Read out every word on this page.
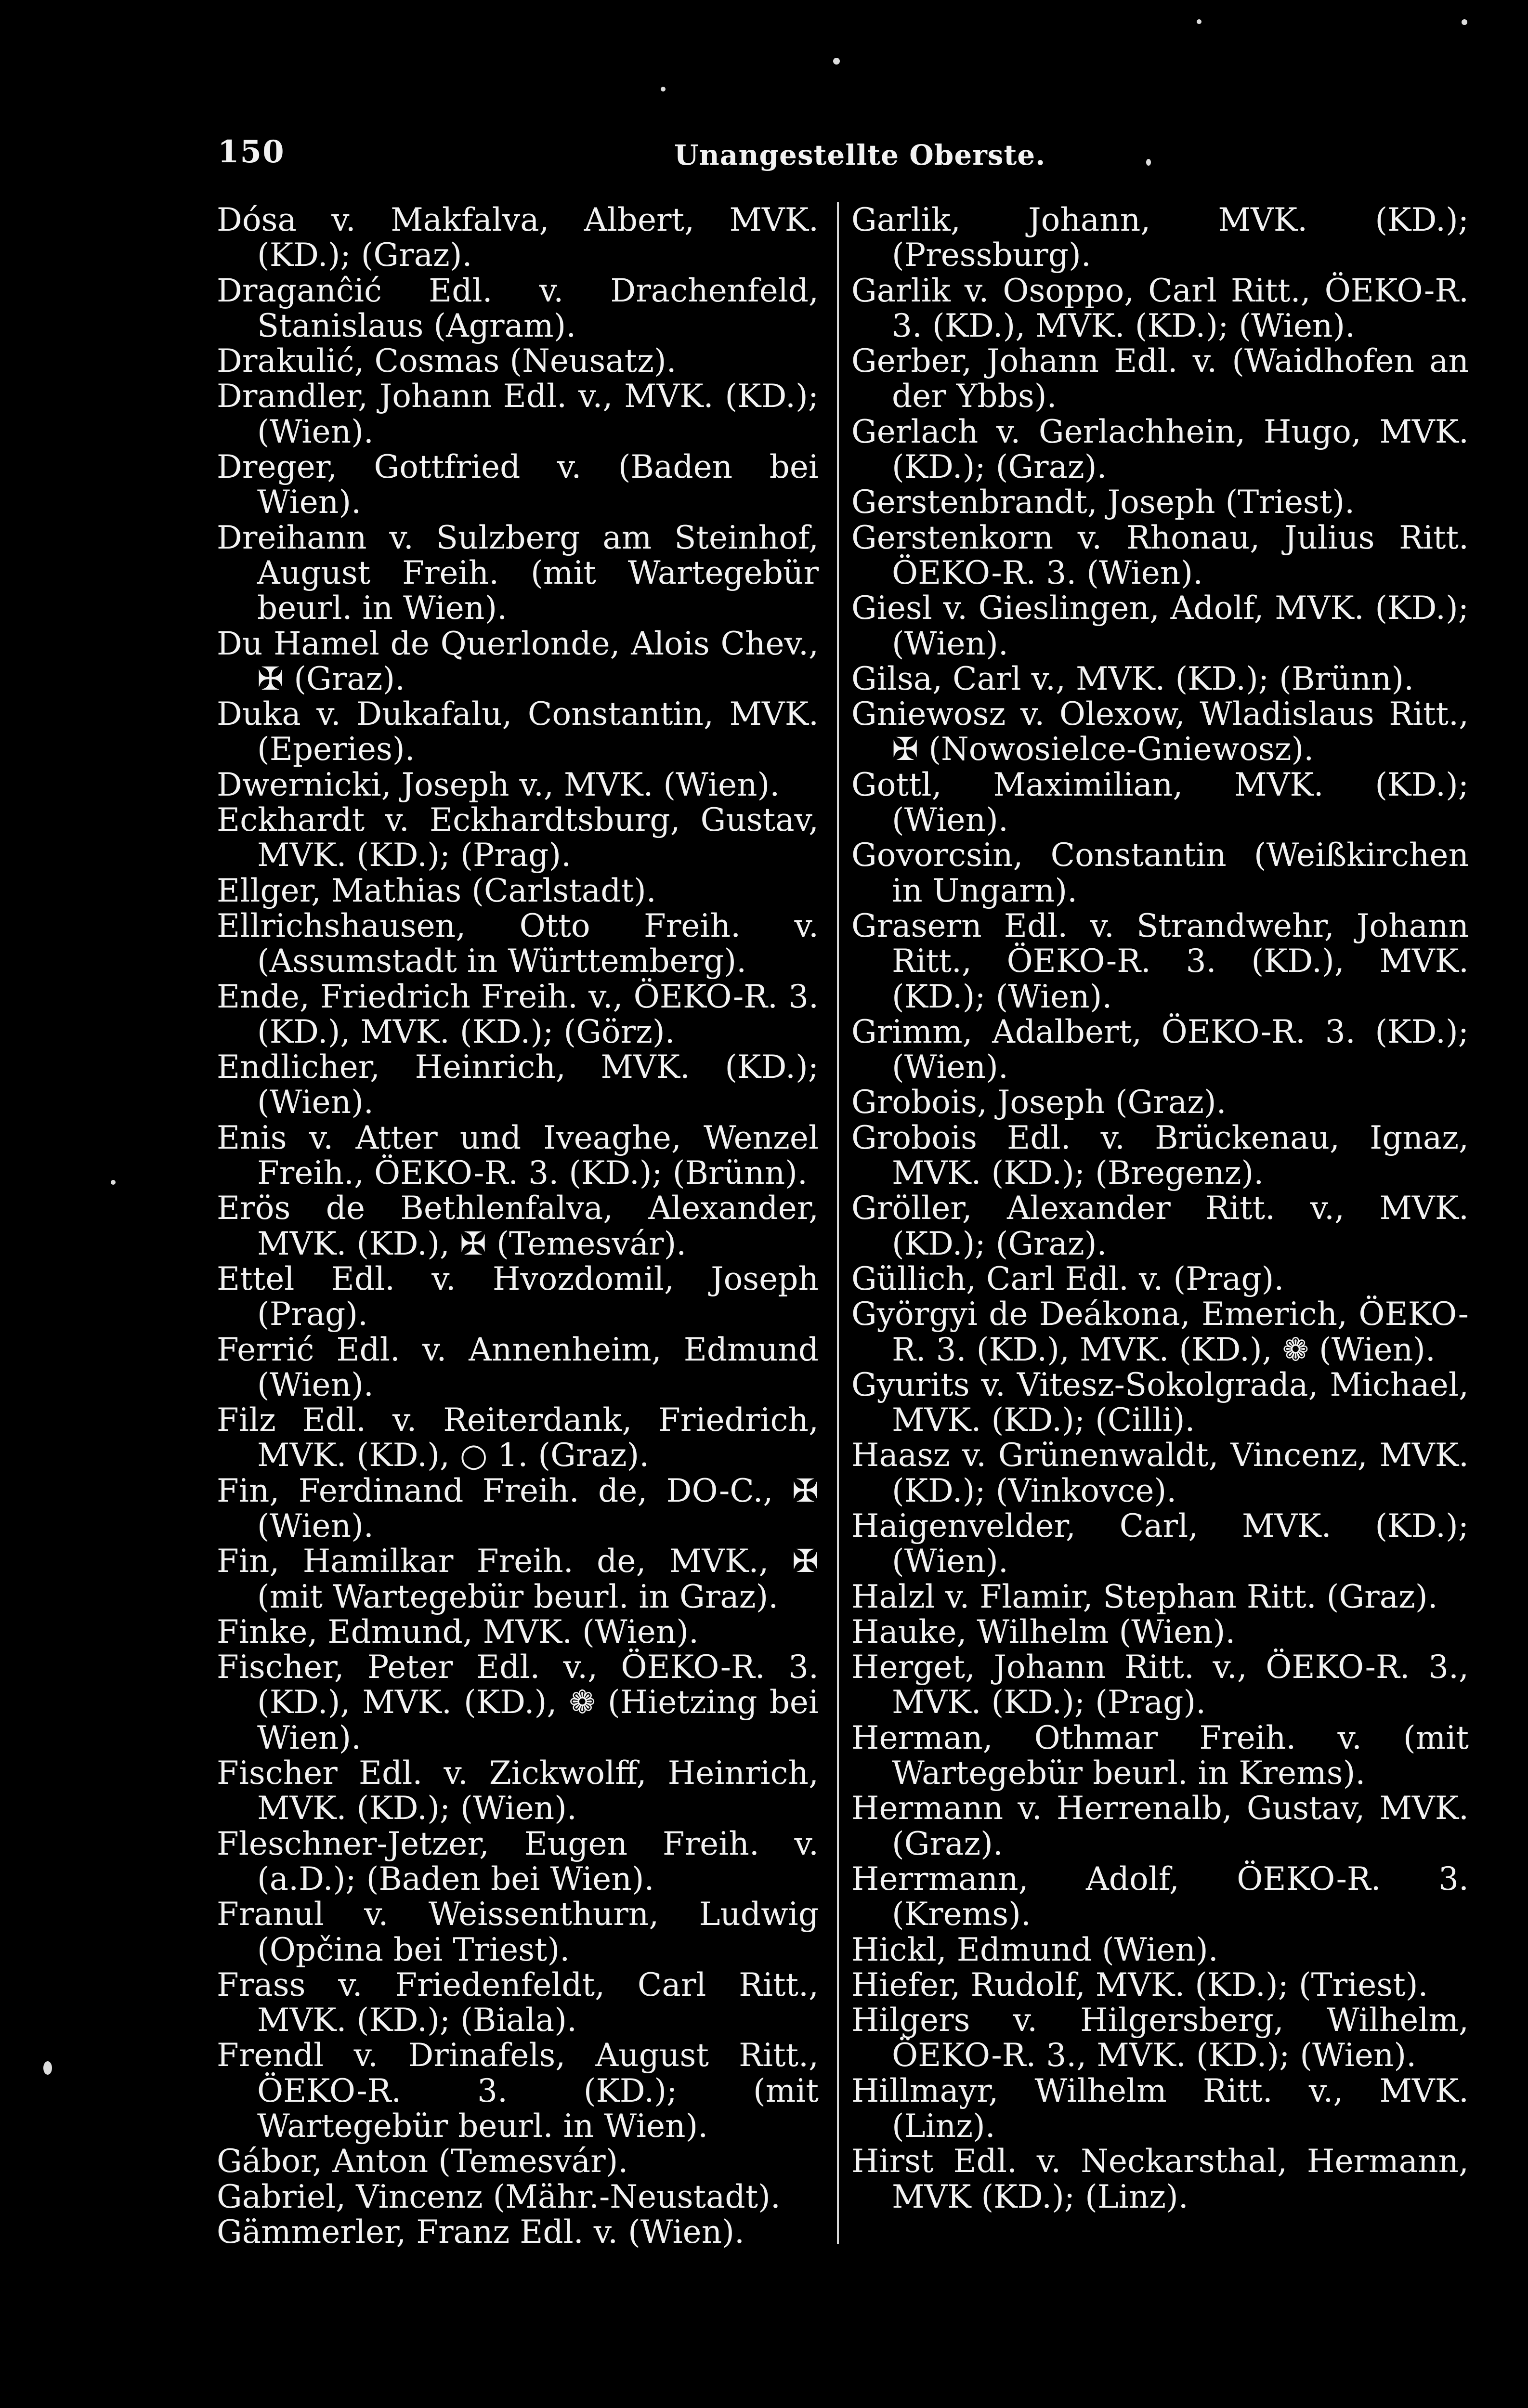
150	Unangestellte Oberste.

Dósa v. Makfalva, Albert, MVK. (KD.); (Graz).

Draganĉić Edl. v. Drachenfeld, Stanislaus (Agram).

Drakulić, Cosmas (Neusatz).

Drandler, Johann Edl. v., MVK. (KD.); (Wien).

Dreger, Gottfried v. (Baden bei Wien).

Dreihann v. Sulzberg am Steinhof, August Freih. (mit Wartegebür beurl. in Wien).

Du Hamel de Querlonde, Alois Chev., ✠ (Graz).

Duka v. Dukafalu, Constantin, MVK. (Eperies).

Dwernicki, Joseph v., MVK. (Wien).

Eckhardt v. Eckhardtsburg, Gustav, MVK. (KD.); (Prag).

Ellger, Mathias (Carlstadt).

Ellrichshausen, Otto Freih. v. (Assumstadt in Württemberg).

Ende, Friedrich Freih. v., ÖEKO-R. 3. (KD.), MVK. (KD.); (Görz).

Endlicher, Heinrich, MVK. (KD.); (Wien).

Enis v. Atter und Iveaghe, Wenzel Freih., ÖEKO-R. 3. (KD.); (Brünn).

Erös de Bethlenfalva, Alexander, MVK. (KD.), ✠ (Temesvár).

Ettel Edl. v. Hvozdomil, Joseph (Prag).

Ferrić Edl. v. Annenheim, Edmund (Wien).

Filz Edl. v. Reiterdank, Friedrich, MVK. (KD.), ○ 1. (Graz).

Fin, Ferdinand Freih. de, DO-C., ✠ (Wien).

Fin, Hamilkar Freih. de, MVK., ✠ (mit Wartegebür beurl. in Graz).

Finke, Edmund, MVK. (Wien).

Fischer, Peter Edl. v., ÖEKO-R. 3. (KD.), MVK. (KD.), ❁ (Hietzing bei Wien).

Fischer Edl. v. Zickwolff, Heinrich, MVK. (KD.); (Wien).

Fleschner-Jetzer, Eugen Freih. v. (a.D.); (Baden bei Wien).

Franul v. Weissenthurn, Ludwig (Opčina bei Triest).

Frass v. Friedenfeldt, Carl Ritt., MVK. (KD.); (Biala).

Frendl v. Drinafels, August Ritt., ÖEKO-R. 3. (KD.); (mit Wartegebür beurl. in Wien).

Gábor, Anton (Temesvár).

Gabriel, Vincenz (Mähr.-Neustadt).

Gämmerler, Franz Edl. v. (Wien).

Garlik, Johann, MVK. (KD.); (Pressburg).

Garlik v. Osoppo, Carl Ritt., ÖEKO-R. 3. (KD.), MVK. (KD.); (Wien).

Gerber, Johann Edl. v. (Waidhofen an der Ybbs).

Gerlach v. Gerlachhein, Hugo, MVK. (KD.); (Graz).

Gerstenbrandt, Joseph (Triest).

Gerstenkorn v. Rhonau, Julius Ritt. ÖEKO-R. 3. (Wien).

Giesl v. Gieslingen, Adolf, MVK. (KD.); (Wien).

Gilsa, Carl v., MVK. (KD.); (Brünn).

Gniewosz v. Olexow, Wladislaus Ritt., ✠ (Nowosielce-Gniewosz).

Gottl, Maximilian, MVK. (KD.); (Wien).

Govorcsin, Constantin (Weißkirchen in Ungarn).

Grasern Edl. v. Strandwehr, Johann Ritt., ÖEKO-R. 3. (KD.), MVK. (KD.); (Wien).

Grimm, Adalbert, ÖEKO-R. 3. (KD.); (Wien).

Grobois, Joseph (Graz).

Grobois Edl. v. Brückenau, Ignaz, MVK. (KD.); (Bregenz).

Gröller, Alexander Ritt. v., MVK. (KD.); (Graz).

Güllich, Carl Edl. v. (Prag).

Györgyi de Deákona, Emerich, ÖEKO-R. 3. (KD.), MVK. (KD.), ❁ (Wien).

Gyurits v. Vitesz-Sokolgrada, Michael, MVK. (KD.); (Cilli).

Haasz v. Grünenwaldt, Vincenz, MVK. (KD.); (Vinkovce).

Haigenvelder, Carl, MVK. (KD.); (Wien).

Halzl v. Flamir, Stephan Ritt. (Graz).

Hauke, Wilhelm (Wien).

Herget, Johann Ritt. v., ÖEKO-R. 3., MVK. (KD.); (Prag).

Herman, Othmar Freih. v. (mit Wartegebür beurl. in Krems).

Hermann v. Herrenalb, Gustav, MVK. (Graz).

Herrmann, Adolf, ÖEKO-R. 3. (Krems).

Hickl, Edmund (Wien).

Hiefer, Rudolf, MVK. (KD.); (Triest).

Hilgers v. Hilgersberg, Wilhelm, ÖEKO-R. 3., MVK. (KD.); (Wien).

Hillmayr, Wilhelm Ritt. v., MVK. (Linz).

Hirst Edl. v. Neckarsthal, Hermann, MVK (KD.); (Linz).
